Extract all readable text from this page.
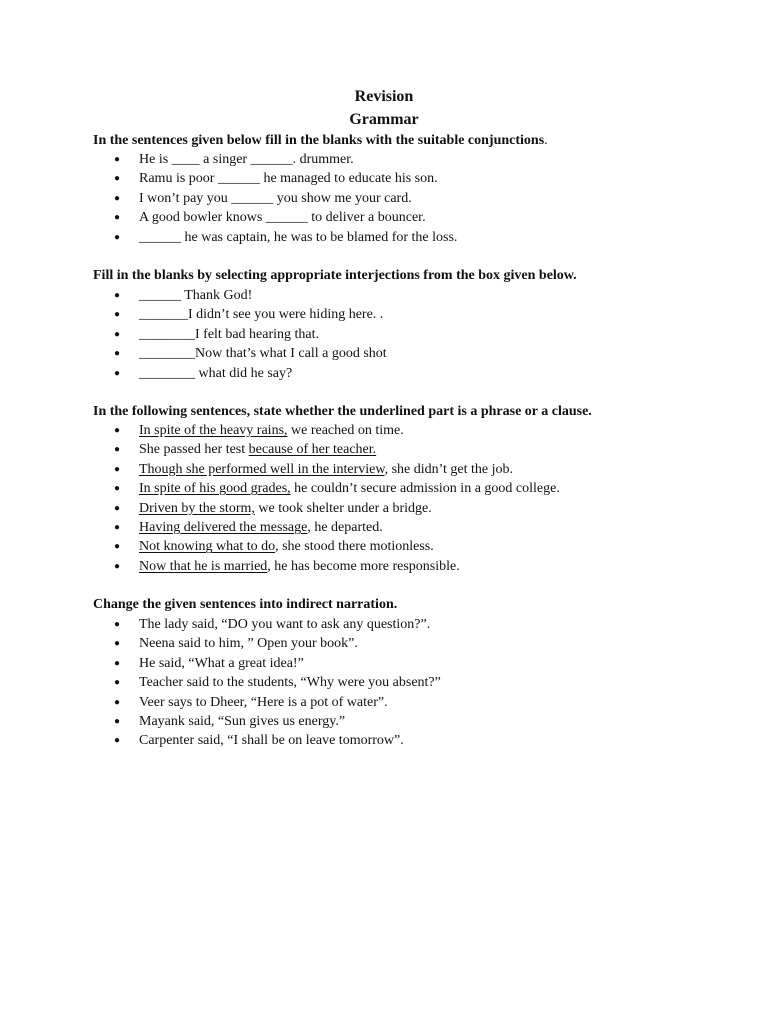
Revision
Grammar
In the sentences given below fill in the blanks with the suitable conjunctions.
● He is ____ a singer ______. drummer.
● Ramu is poor ______ he managed to educate his son.
● I won’t pay you ______ you show me your card.
● A good bowler knows ______ to deliver a bouncer.
● ______ he was captain, he was to be blamed for the loss.
Fill in the blanks by selecting appropriate interjections from the box given below.
● ______ Thank God!
● _______I didn’t see you were hiding here. .
● ________I felt bad hearing that.
● ________Now that’s what I call a good shot
● ________ what did he say?
In the following sentences, state whether the underlined part is a phrase or a clause.
● In spite of the heavy rains, we reached on time.
● She passed her test because of her teacher.
● Though she performed well in the interview, she didn’t get the job.
● In spite of his good grades, he couldn’t secure admission in a good college.
● Driven by the storm, we took shelter under a bridge.
● Having delivered the message, he departed.
● Not knowing what to do, she stood there motionless.
● Now that he is married, he has become more responsible.
Change the given sentences into indirect narration.
● The lady said, “DO you want to ask any question?”.
● Neena said to him, ” Open your book”.
● He said, “What a great idea!”
● Teacher said to the students, “Why were you absent?”
● Veer says to Dheer, “Here is a pot of water”.
● Mayank said, “Sun gives us energy.”
● Carpenter said, “I shall be on leave tomorrow”.
